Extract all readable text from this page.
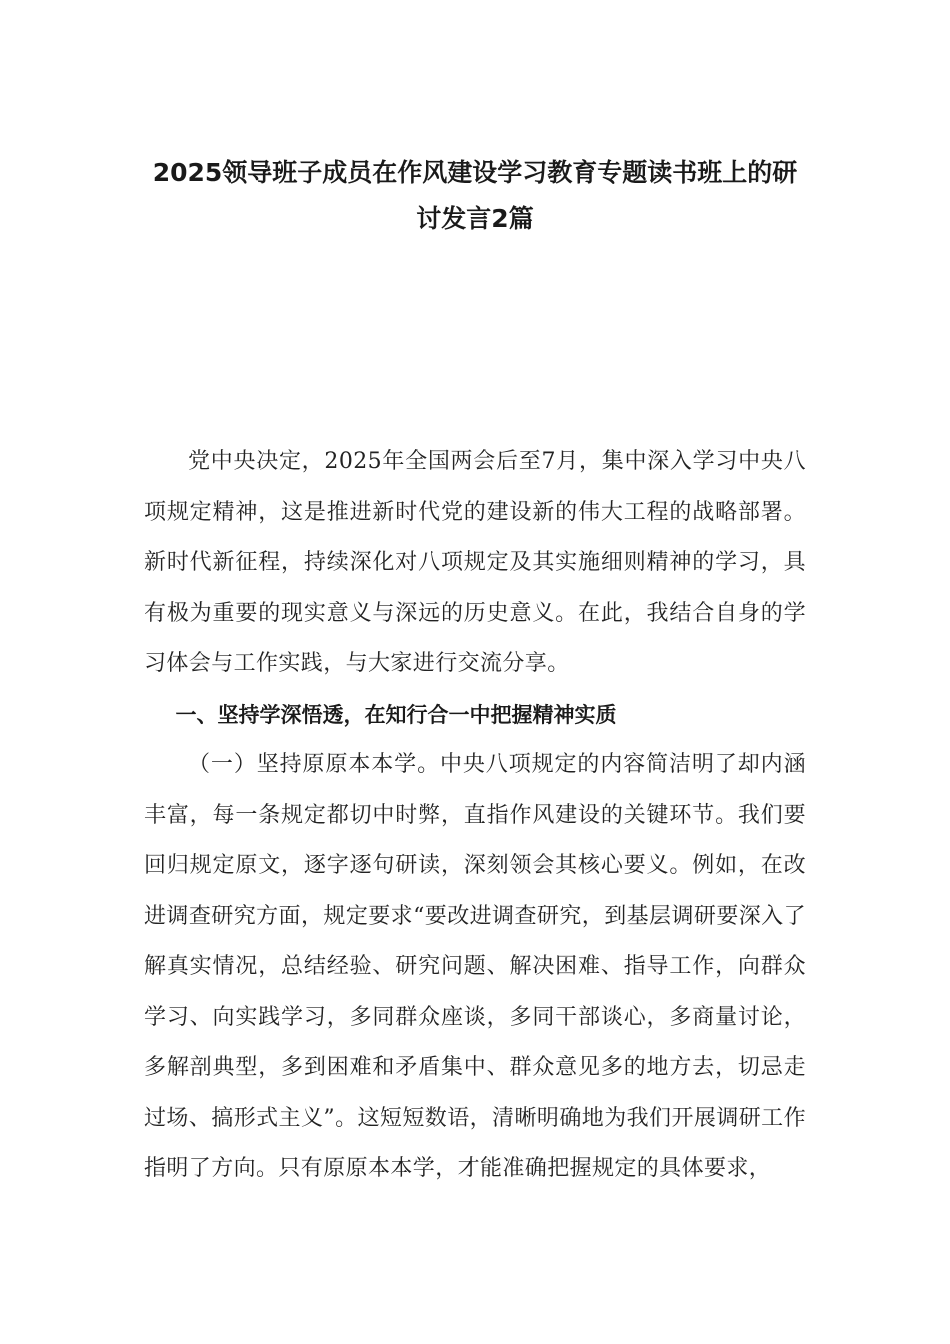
2025领导班子成员在作风建设学习教育专题读书班上的研
讨发言2篇

党中央决定，2025年全国两会后至7月，集中深入学习中央八项规定精神，这是推进新时代党的建设新的伟大工程的战略部署。新时代新征程，持续深化对八项规定及其实施细则精神的学习，具有极为重要的现实意义与深远的历史意义。在此，我结合自身的学习体会与工作实践，与大家进行交流分享。

一、坚持学深悟透，在知行合一中把握精神实质

（一）坚持原原本本学。中央八项规定的内容简洁明了却内涵丰富，每一条规定都切中时弊，直指作风建设的关键环节。我们要回归规定原文，逐字逐句研读，深刻领会其核心要义。例如，在改进调查研究方面，规定要求“要改进调查研究，到基层调研要深入了解真实情况，总结经验、研究问题、解决困难、指导工作，向群众学习、向实践学习，多同群众座谈，多同干部谈心，多商量讨论，多解剖典型，多到困难和矛盾集中、群众意见多的地方去，切忌走过场、搞形式主义”。这短短数语，清晰明确地为我们开展调研工作指明了方向。只有原原本本学，才能准确把握规定的具体要求，
